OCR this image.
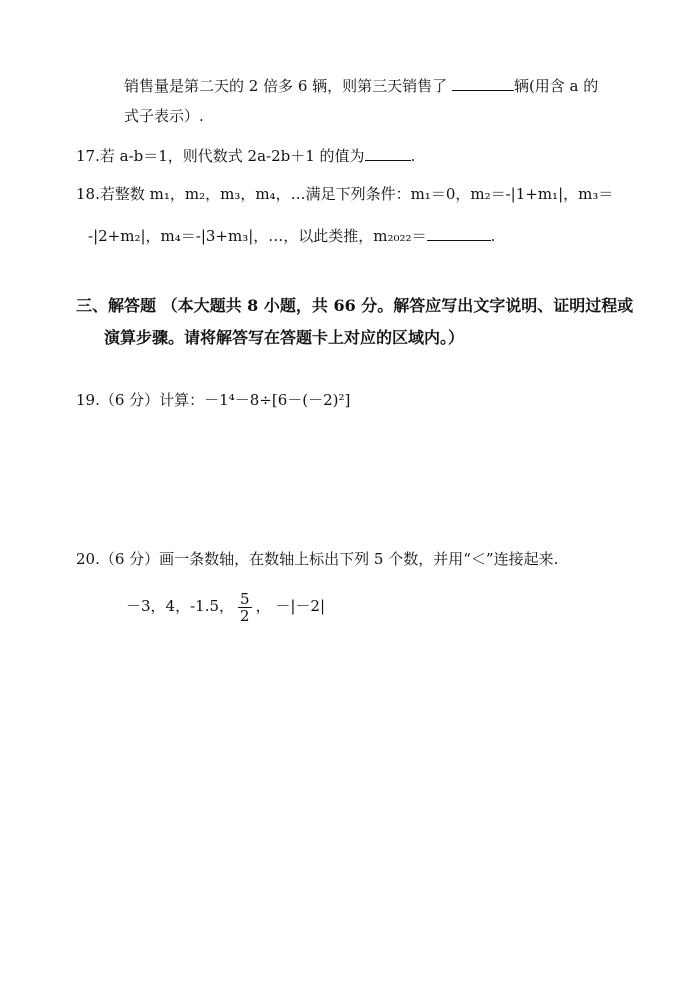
销售量是第二天的 2 倍多 6 辆，则第三天销售了	辆(用含 a 的
式子表示）.
17.若 a-b＝1，则代数式 2a-2b＋1 的值为	.
18.若整数 m₁，m₂，m₃，m₄，…满足下列条件：m₁＝0，m₂＝-|1+m₁|，m₃＝
-|2+m₂|，m₄＝-|3+m₃|，…，以此类推，m₂₀₂₂＝	.
三、解答题 （本大题共 8 小题，共 66 分。解答应写出文字说明、证明过程或
演算步骤。请将解答写在答题卡上对应的区域内。）
19.（6 分）计算：－1⁴－8÷[6－(－2)²]
20.（6 分）画一条数轴，在数轴上标出下列 5 个数，并用“＜”连接起来.
－3，4，-1.5， $\frac{5}{2}$ ， －|－2|
